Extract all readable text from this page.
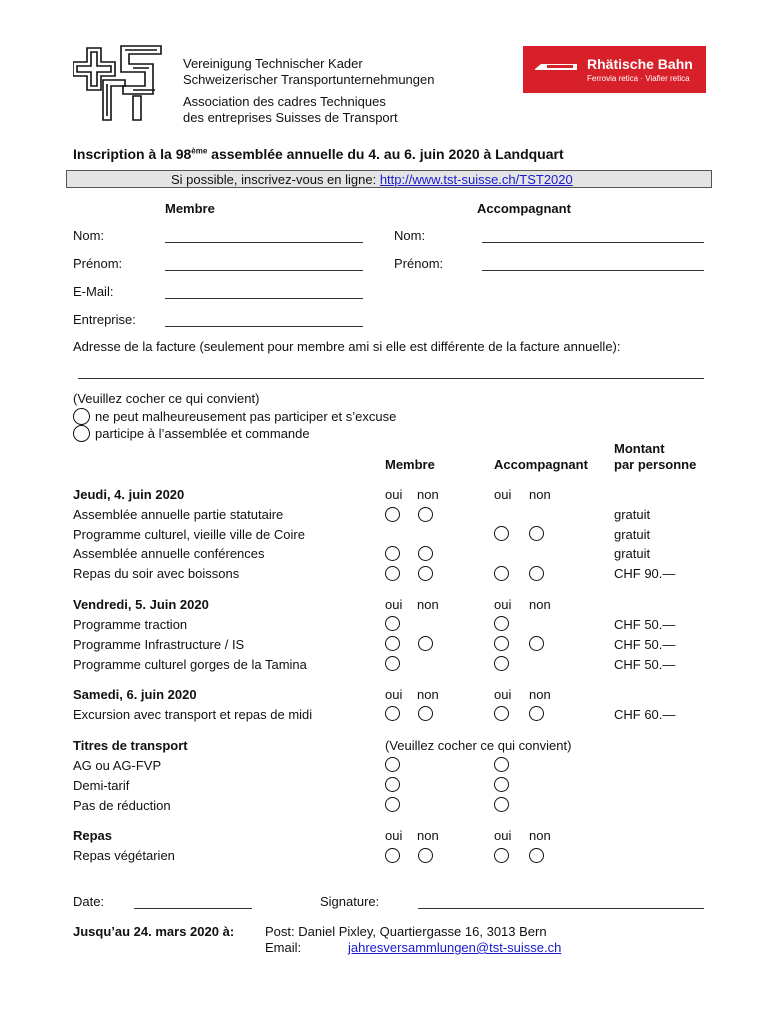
Vereinigung Technischer Kader
Schweizerischer Transportunternehmungen
Association des cadres Techniques
des entreprises Suisses de Transport
Rhätische Bahn
Ferrovia retica · Viafier retica
Inscription à la 98ème assemblée annuelle du 4. au 6. juin 2020 à Landquart
Si possible, inscrivez-vous en ligne: http://www.tst-suisse.ch/TST2020
Membre	Accompagnant
Nom:	Nom:
Prénom:	Prénom:
E-Mail:
Entreprise:
Adresse de la facture (seulement pour membre ami si elle est différente de la facture annuelle):
(Veuillez cocher ce qui convient)
ne peut malheureusement pas participer et s’excuse
participe à l’assemblée et commande
Membre	Accompagnant
Montant
par personne
Jeudi, 4. juin 2020	oui non	oui non
Assemblée annuelle partie statutaire	gratuit
Programme culturel, vieille ville de Coire	gratuit
Assemblée annuelle conférences	gratuit
Repas du soir avec boissons	CHF 90.—
Vendredi, 5. Juin 2020	oui non	oui non
Programme traction	CHF 50.—
Programme Infrastructure / IS	CHF 50.—
Programme culturel gorges de la Tamina	CHF 50.—
Samedi, 6. juin 2020	oui non	oui non
Excursion avec transport et repas de midi	CHF 60.—
Titres de transport	(Veuillez cocher ce qui convient)
AG ou AG-FVP
Demi-tarif
Pas de réduction
Repas	oui non	oui non
Repas végétarien
Date:	Signature:
Jusqu’au 24. mars 2020 à: Post: Daniel Pixley, Quartiergasse 16, 3013 Bern
Email:	jahresversammlungen@tst-suisse.ch
